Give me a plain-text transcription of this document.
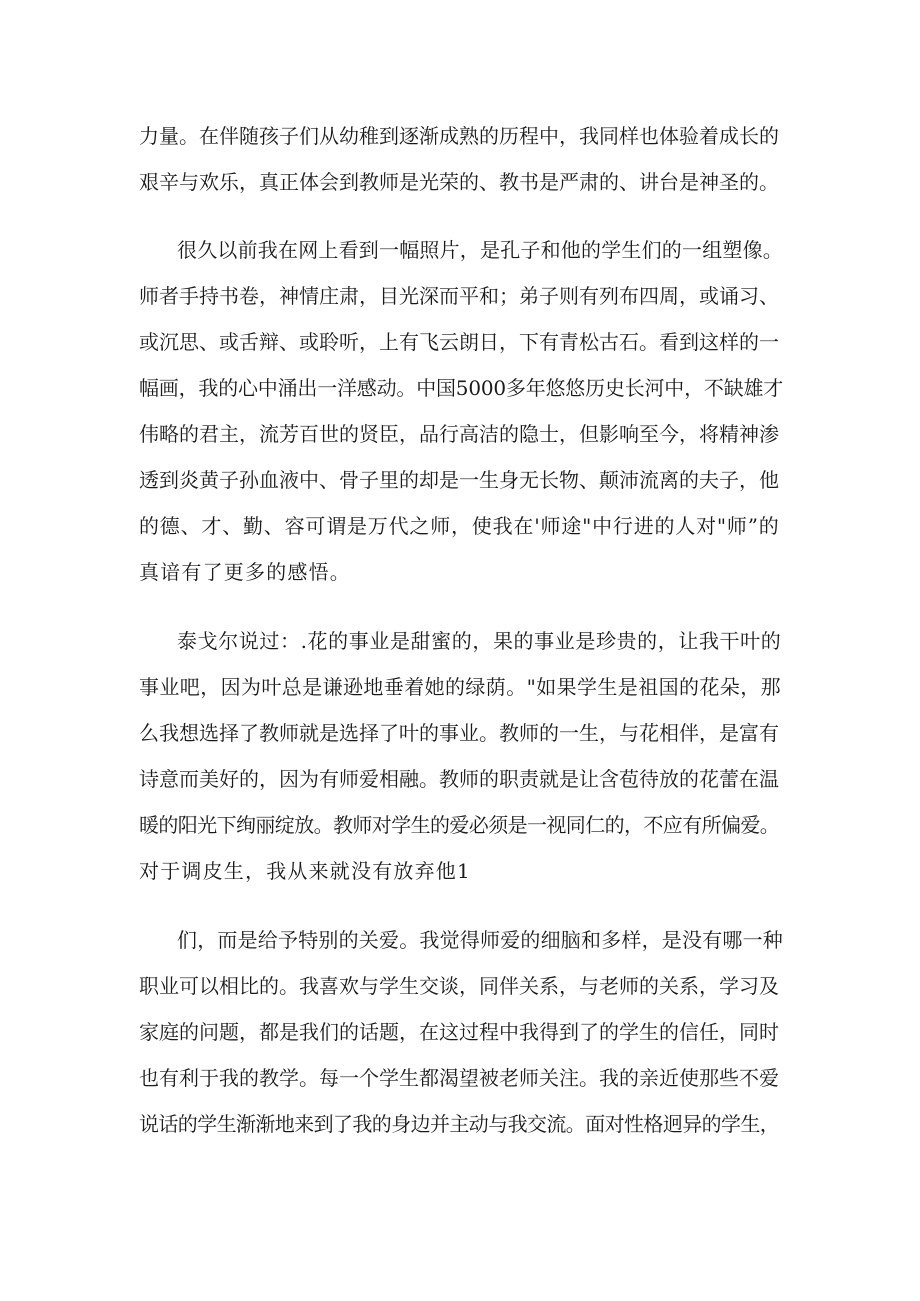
力量。在伴随孩子们从幼稚到逐渐成熟的历程中，我同样也体验着成长的
艰辛与欢乐，真正体会到教师是光荣的、教书是严肃的、讲台是神圣的。

很久以前我在网上看到一幅照片，是孔子和他的学生们的一组塑像。
师者手持书卷，神情庄肃，目光深而平和；弟子则有列布四周，或诵习、
或沉思、或舌辩、或聆听，上有飞云朗日，下有青松古石。看到这样的一
幅画，我的心中涌出一洋感动。中国5000多年悠悠历史长河中，不缺雄才
伟略的君主，流芳百世的贤臣，品行高洁的隐士，但影响至今，将精神渗
透到炎黄子孙血液中、骨子里的却是一生身无长物、颠沛流离的夫子，他
的德、才、勤、容可谓是万代之师，使我在'师途"中行进的人对"师”的
真谙有了更多的感悟。

泰戈尔说过：.花的事业是甜蜜的，果的事业是珍贵的，让我干叶的
事业吧，因为叶总是谦逊地垂着她的绿荫。"如果学生是祖国的花朵，那
么我想选择了教师就是选择了叶的事业。教师的一生，与花相伴，是富有
诗意而美好的，因为有师爱相融。教师的职责就是让含苞待放的花蕾在温
暖的阳光下绚丽绽放。教师对学生的爱必须是一视同仁的，不应有所偏爱。
对于调皮生，我从来就没有放弃他1

们，而是给予特别的关爱。我觉得师爱的细脑和多样，是没有哪一种
职业可以相比的。我喜欢与学生交谈，同伴关系，与老师的关系，学习及
家庭的问题，都是我们的话题，在这过程中我得到了的学生的信任，同时
也有利于我的教学。每一个学生都渴望被老师关注。我的亲近使那些不爱
说话的学生渐渐地来到了我的身边并主动与我交流。面对性格迥异的学生，
